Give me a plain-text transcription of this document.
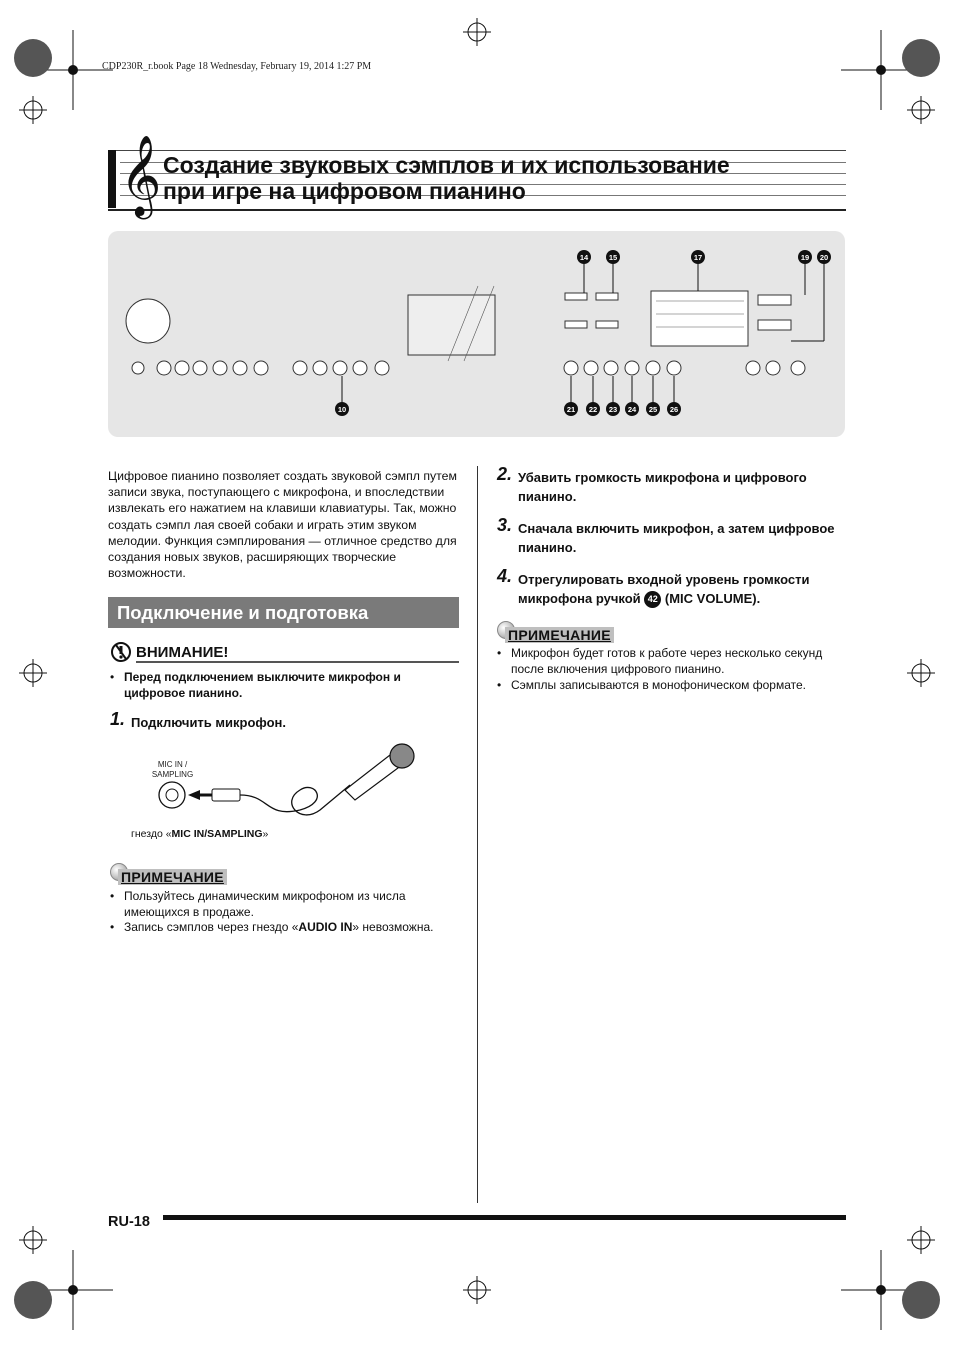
CDP230R_r.book Page 18 Wednesday, February 19, 2014 1:27 PM
𝄞 Создание звуковых сэмплов и их использование
при игре на цифровом пианино
14	15	17	19 20
10	21 22 23 24 25 26
Цифровое пианино позволяет создать звуковой сэмпл путем записи звука, поступающего с микрофона, и впоследствии извлекать его нажатием на клавиши клавиатуры. Так, можно создать сэмпл лая своей собаки и играть этим звуком мелодии. Функция сэмплирования — отличное средство для создания новых звуков, расширяющих творческие возможности.
Подключение и подготовка
ВНИМАНИЕ!
• Перед подключением выключите микрофон и цифровое пианино.
1. Подключить микрофон.
MIC IN /
SAMPLING
гнездо «MIC IN/SAMPLING»
ПРИМЕЧАНИЕ
• Пользуйтесь динамическим микрофоном из числа имеющихся в продаже.
• Запись сэмплов через гнездо «AUDIO IN» невозможна.
2. Убавить громкость микрофона и цифрового пианино.
3. Сначала включить микрофон, а затем цифровое пианино.
4. Отрегулировать входной уровень громкости микрофона ручкой 42 (MIC VOLUME).
ПРИМЕЧАНИЕ
• Микрофон будет готов к работе через несколько секунд после включения цифрового пианино.
• Сэмплы записываются в монофоническом формате.
RU-18
